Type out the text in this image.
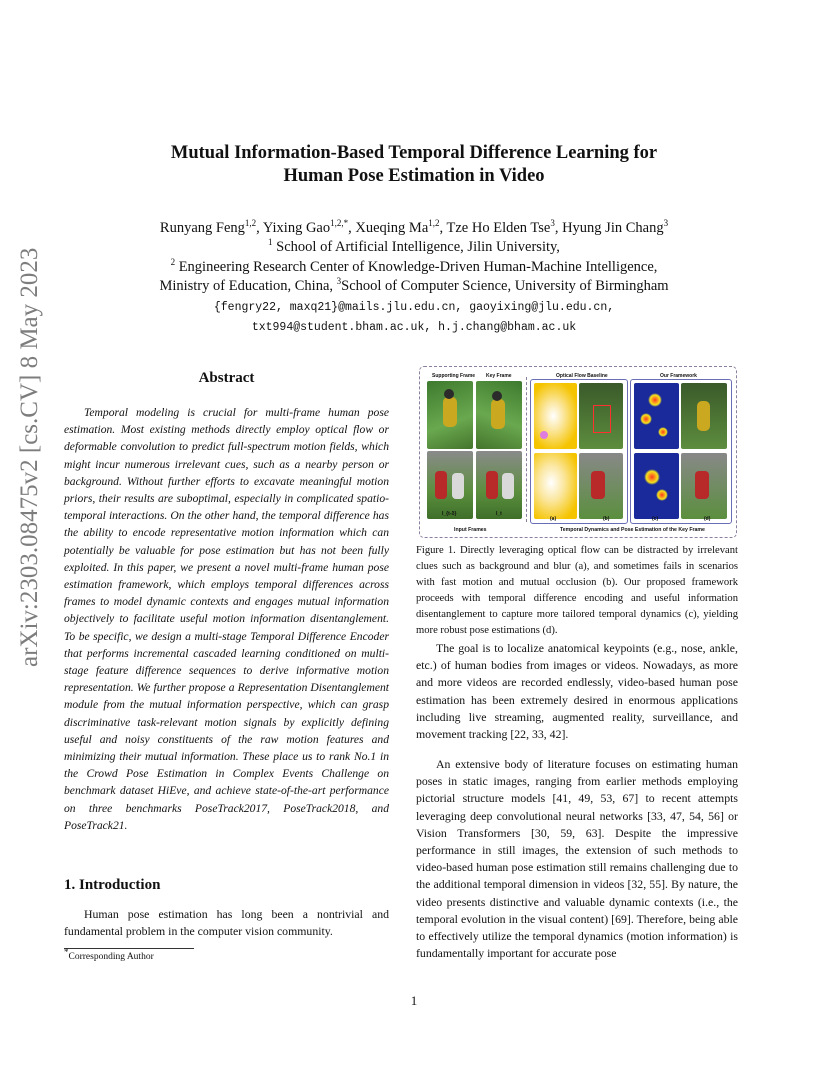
arXiv:2303.08475v2 [cs.CV] 8 May 2023
Mutual Information-Based Temporal Difference Learning for
Human Pose Estimation in Video
Runyang Feng$^{1,2}$, Yixing Gao$^{1,2,*}$, Xueqing Ma$^{1,2}$, Tze Ho Elden Tse$^3$, Hyung Jin Chang$^3$
$^1$ School of Artificial Intelligence, Jilin University,
$^2$ Engineering Research Center of Knowledge-Driven Human-Machine Intelligence,
Ministry of Education, China, $^3$School of Computer Science, University of Birmingham
{fengry22, maxq21}@mails.jlu.edu.cn, gaoyixing@jlu.edu.cn,
txt994@student.bham.ac.uk, h.j.chang@bham.ac.uk
Abstract

Temporal modeling is crucial for multi-frame human pose estimation. Most existing methods directly employ optical flow or deformable convolution to predict full-spectrum motion fields, which might incur numerous irrelevant cues, such as a nearby person or background. Without further efforts to excavate meaningful motion priors, their results are suboptimal, especially in complicated spatio-temporal interactions. On the other hand, the temporal difference has the ability to encode representative motion information which can potentially be valuable for pose estimation but has not been fully exploited. In this paper, we present a novel multi-frame human pose estimation framework, which employs temporal differences across frames to model dynamic contexts and engages mutual information objectively to facilitate useful motion information disentanglement. To be specific, we design a multi-stage Temporal Difference Encoder that performs incremental cascaded learning conditioned on multi-stage feature difference sequences to derive informative motion representation. We further propose a Representation Disentanglement module from the mutual information perspective, which can grasp discriminative task-relevant motion signals by explicitly defining useful and noisy constituents of the raw motion features and minimizing their mutual information. These place us to rank No.1 in the Crowd Pose Estimation in Complex Events Challenge on benchmark dataset HiEve, and achieve state-of-the-art performance on three benchmarks PoseTrack2017, PoseTrack2018, and PoseTrack21.

1. Introduction

Human pose estimation has long been a nontrivial and fundamental problem in the computer vision community.

*Corresponding Author
Supporting Frame Key Frame	Optical Flow Baseline	Our Framework
I_{t-δ}	I_t
(a)	(b)	(c)	(d)
Input Frames	Temporal Dynamics and Pose Estimation of the Key Frame

Figure 1. Directly leveraging optical flow can be distracted by irrelevant clues such as background and blur (a), and sometimes fails in scenarios with fast motion and mutual occlusion (b). Our proposed framework proceeds with temporal difference encoding and useful information disentanglement to capture more tailored temporal dynamics (c), yielding more robust pose estimations (d).

The goal is to localize anatomical keypoints (e.g., nose, ankle, etc.) of human bodies from images or videos. Nowadays, as more and more videos are recorded endlessly, video-based human pose estimation has been extremely desired in enormous applications including live streaming, augmented reality, surveillance, and movement tracking [22, 33, 42].

An extensive body of literature focuses on estimating human poses in static images, ranging from earlier methods employing pictorial structure models [41, 49, 53, 67] to recent attempts leveraging deep convolutional neural networks [33, 47, 54, 56] or Vision Transformers [30, 59, 63]. Despite the impressive performance in still images, the extension of such methods to video-based human pose estimation still remains challenging due to the additional temporal dimension in videos [32, 55]. By nature, the video presents distinctive and valuable dynamic contexts (i.e., the temporal evolution in the visual content) [69]. Therefore, being able to effectively utilize the temporal dynamics (motion information) is fundamentally important for accurate pose

1
